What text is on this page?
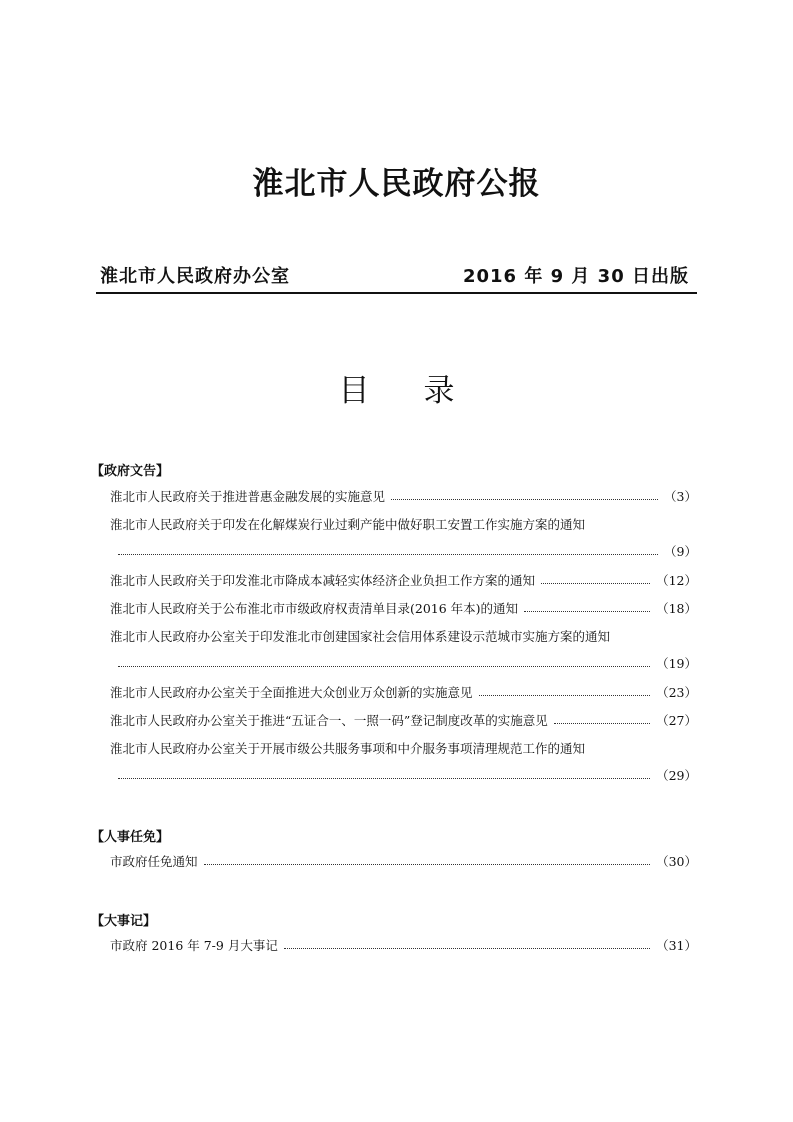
淮北市人民政府公报
淮北市人民政府办公室	2016 年 9 月 30 日出版
目录
【政府文告】
淮北市人民政府关于推进普惠金融发展的实施意见	（3）
淮北市人民政府关于印发在化解煤炭行业过剩产能中做好职工安置工作实施方案的通知
（9）
淮北市人民政府关于印发淮北市降成本减轻实体经济企业负担工作方案的通知	（12）
淮北市人民政府关于公布淮北市市级政府权责清单目录(2016 年本)的通知	（18）
淮北市人民政府办公室关于印发淮北市创建国家社会信用体系建设示范城市实施方案的通知
（19）
淮北市人民政府办公室关于全面推进大众创业万众创新的实施意见	（23）
淮北市人民政府办公室关于推进“五证合一、一照一码”登记制度改革的实施意见	（27）
淮北市人民政府办公室关于开展市级公共服务事项和中介服务事项清理规范工作的通知
（29）
【人事任免】
市政府任免通知	（30）
【大事记】
市政府 2016 年 7-9 月大事记	（31）
